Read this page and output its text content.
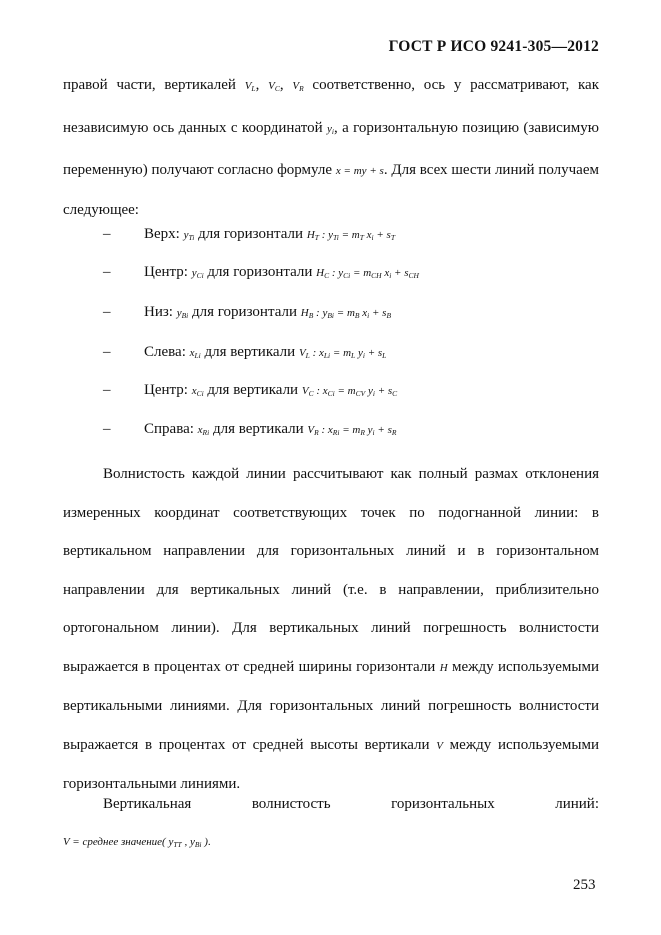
ГОСТ Р ИСО 9241-305—2012
правой части, вертикалей $V_L$, $V_C$, $V_R$ соответственно, ось у рассматривают, как независимую ось данных с координатой $y_i$, а горизонтальную позицию (зависимую переменную) получают согласно формуле x = my + s. Для всех шести линий получаем следующее:
– Верх: $y_{Ti}$ для горизонтали $H_T$ : $y_{Ti} = m_T$ $x_i + s_T$
– Центр: $y_{Ci}$ для горизонтали $H_C$ : $y_{Ci} = m_{CH}$ $x_i + s_{CH}$
– Низ: $y_{Bi}$ для горизонтали $H_B$ : $y_{Bi} = m_B$ $x_i + s_B$
– Слева: $x_{Li}$ для вертикали $V_L$ : $x_{Li} = m_L$ $y_i + s_L$
– Центр: $x_{Ci}$ для вертикали $V_C$ : $x_{Ci} = m_{CV}$ $y_i + s_C$
– Справа: $x_{Ri}$ для вертикали $V_R$ : $x_{Ri} = m_R$ $y_i + s_R$
Волнистость каждой линии рассчитывают как полный размах отклонения измеренных координат соответствующих точек по подогнанной линии: в вертикальном направлении для горизонтальных линий и в горизонтальном направлении для вертикальных линий (т.е. в направлении, приблизительно ортогональном линии). Для вертикальных линий погрешность волнистости выражается в процентах от средней ширины горизонтали H между используемыми вертикальными линиями. Для горизонтальных линий погрешность волнистости выражается в процентах от средней высоты вертикали V между используемыми горизонтальными линиями.
Вертикальная волнистость горизонтальных линий:
V = среднее значение( $y_{TT}$ , $y_{Bi}$ ).
253
